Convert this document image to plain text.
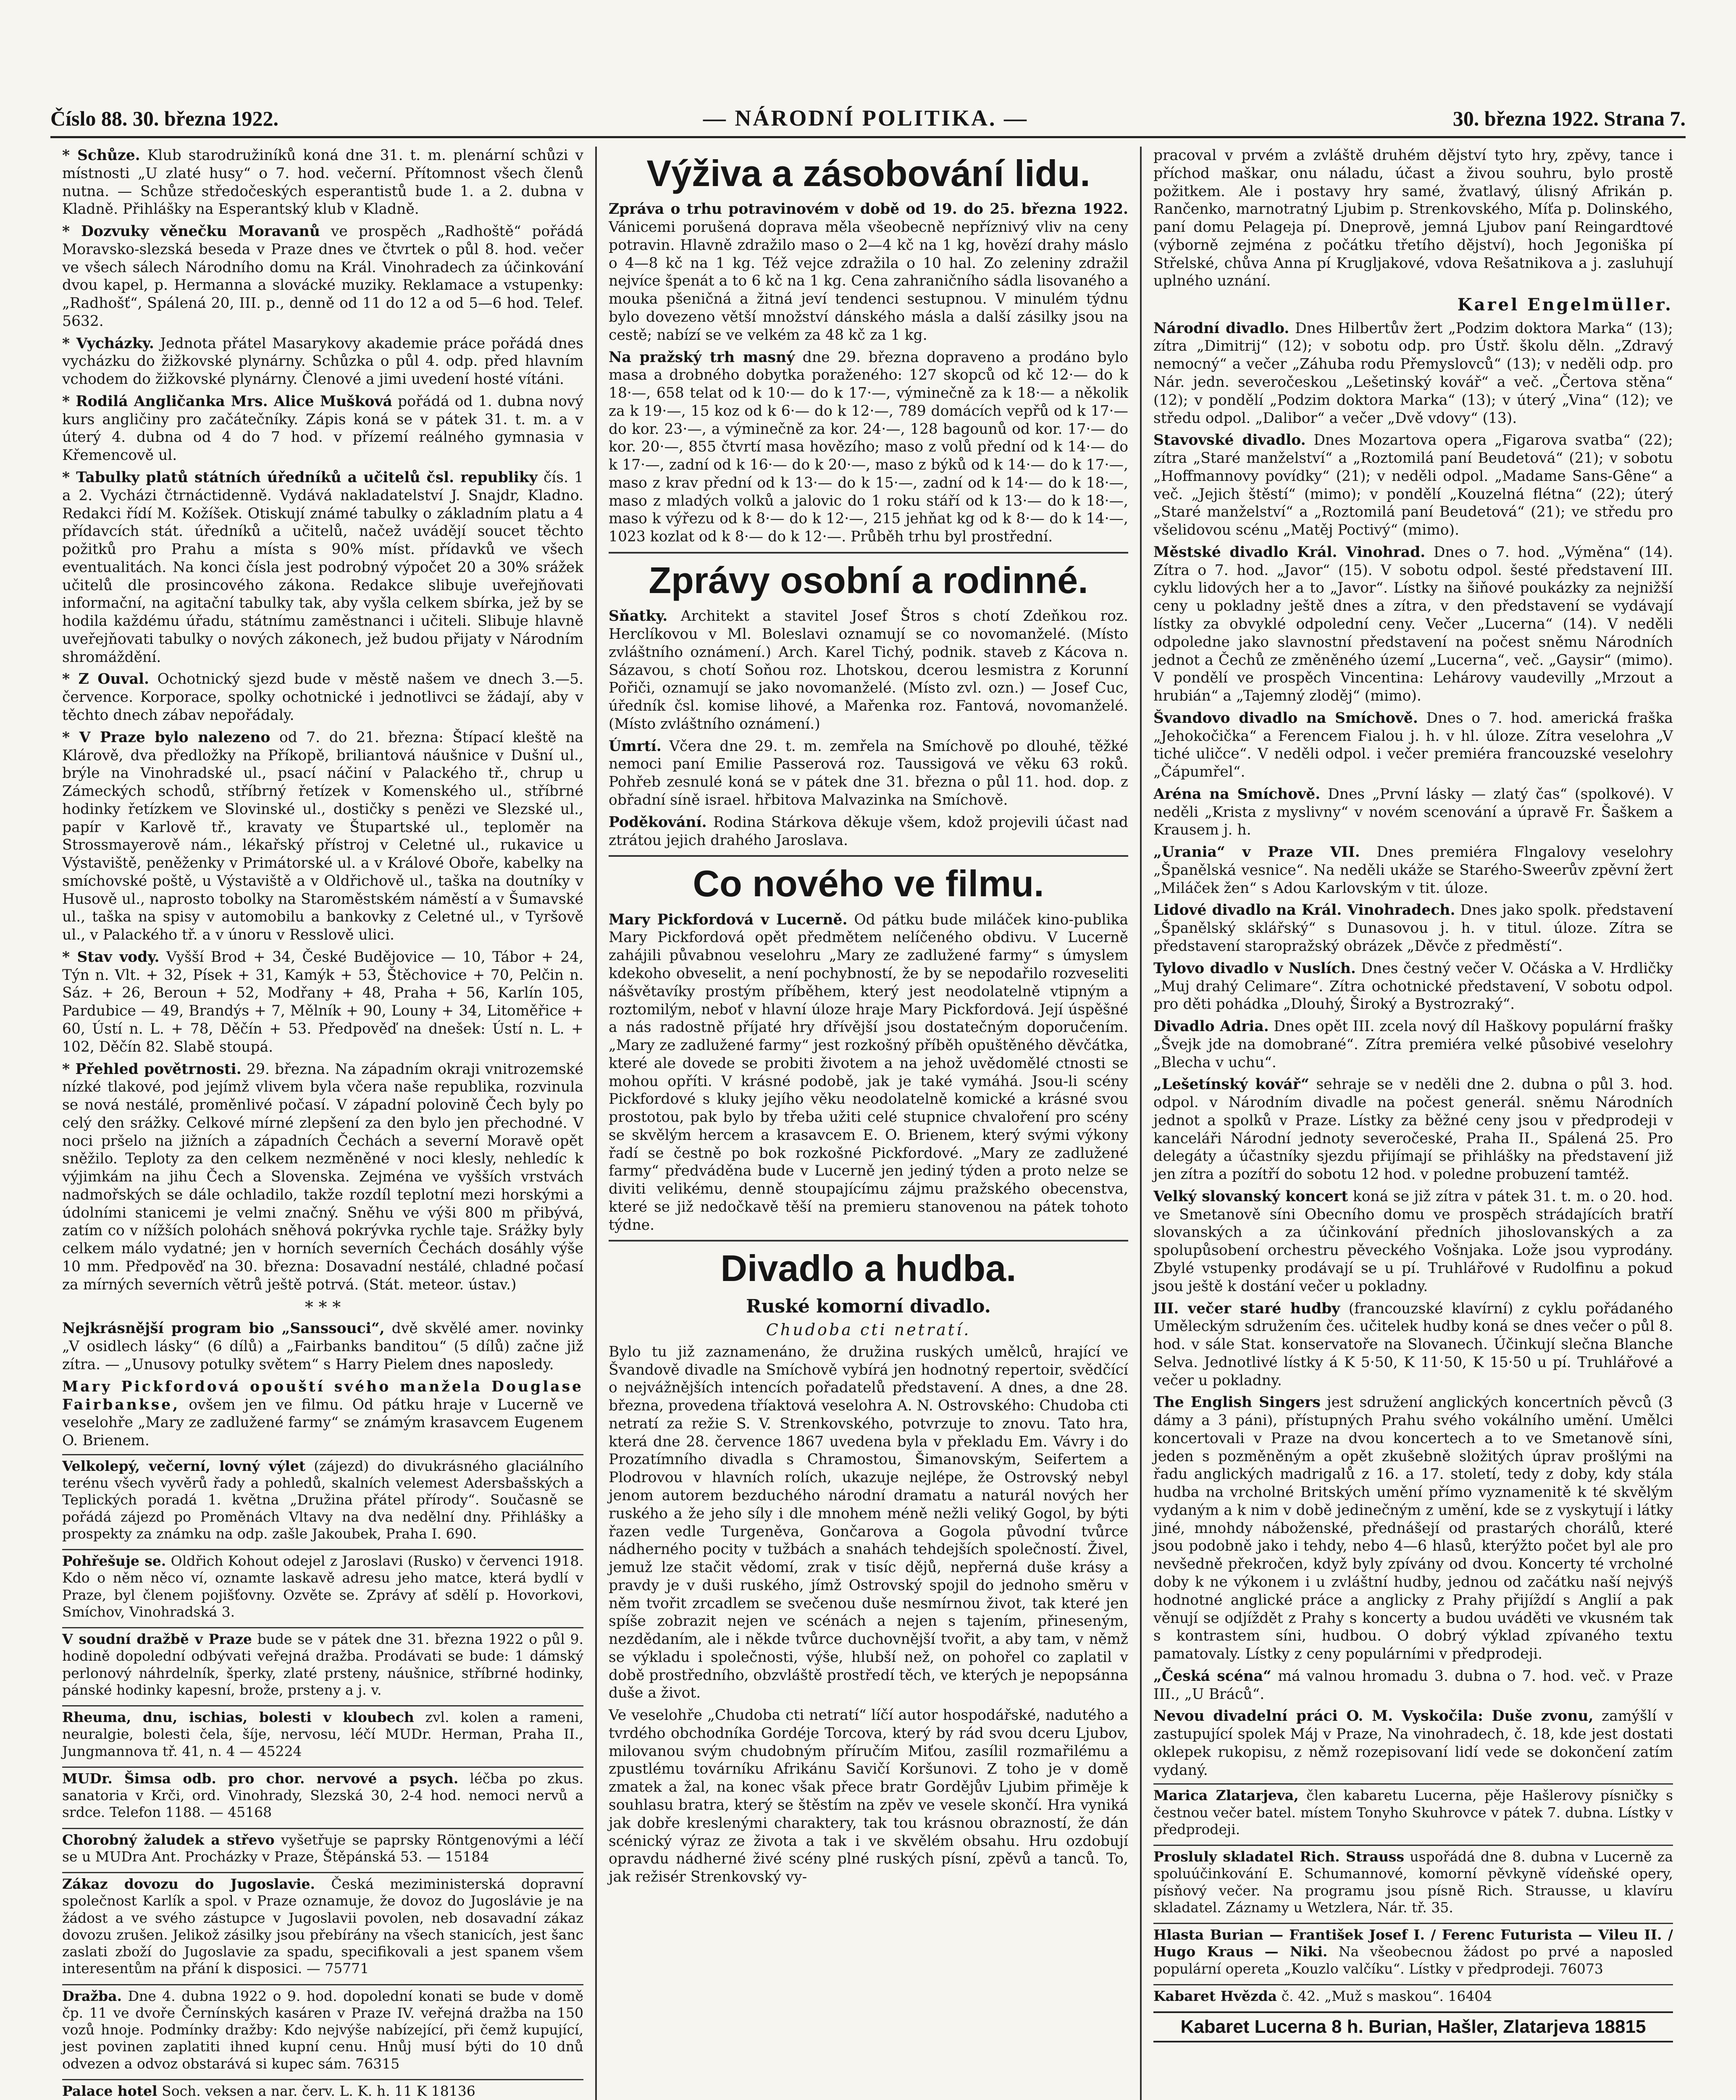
Číslo 88. 30. března 1922.	— NÁRODNÍ POLITIKA. —	30. března 1922. Strana 7.

* Schůze. Klub starodružiníků koná dne 31. t. m. plenární schůzi v místnosti „U zlaté husy“ o 7. hod. večerní. Přítomnost všech členů nutna. — Schůze středočeských esperantistů bude 1. a 2. dubna v Kladně. Přihlášky na Esperantský klub v Kladně.

* Dozvuky věnečku Moravanů ve prospěch „Radhoště“ pořádá Moravsko-slezská beseda v Praze dnes ve čtvrtek o půl 8. hod. večer ve všech sálech Národního domu na Král. Vinohradech za účinkování dvou kapel, p. Hermanna a slovácké muziky. Reklamace a vstupenky: „Radhošť“, Spálená 20, III. p., denně od 11 do 12 a od 5—6 hod. Telef. 5632.

* Vycházky. Jednota přátel Masarykovy akademie práce pořádá dnes vycházku do žižkovské plynárny. Schůzka o půl 4. odp. před hlavním vchodem do žižkovské plynárny. Členové a jimi uvedení hosté vítáni.

* Rodilá Angličanka Mrs. Alice Mušková pořádá od 1. dubna nový kurs angličiny pro začátečníky. Zápis koná se v pátek 31. t. m. a v úterý 4. dubna od 4 do 7 hod. v přízemí reálného gymnasia v Křemencově ul.

* Tabulky platů státních úředníků a učitelů čsl. republiky čís. 1 a 2. Vycházi čtrnáctidenně. Vydává nakladatelství J. Snajdr, Kladno. Redakci řídí M. Kožíšek. Otiskují známé tabulky o základním platu a 4 přídavcích stát. úředníků a učitelů, načež uvádějí soucet těchto požitků pro Prahu a místa s 90% míst. přídavků ve všech eventualitách. Na konci čísla jest podrobný výpočet 20 a 30% srážek učitelů dle prosincového zákona. Redakce slibuje uveřejňovati informační, na agitační tabulky tak, aby vyšla celkem sbírka, jež by se hodila každému úřadu, státnímu zaměstnanci i učiteli. Slibuje hlavně uveřejňovati tabulky o nových zákonech, jež budou přijaty v Národním shromáždění.

* Z Ouval. Ochotnický sjezd bude v městě našem ve dnech 3.—5. července. Korporace, spolky ochotnické i jednotlivci se žádají, aby v těchto dnech zábav nepořádaly.

* V Praze bylo nalezeno od 7. do 21. března: Štípací kleště na Klárově, dva předložky na Příkopě, briliantová náušnice v Dušní ul., brýle na Vinohradské ul., psací náčiní v Palackého tř., chrup u Zámeckých schodů, stříbrný řetízek v Komenského ul., stříbrné hodinky řetízkem ve Slovinské ul., dostičky s penězi ve Slezské ul., papír v Karlově tř., kravaty ve Štupartské ul., teploměr na Strossmayerově nám., lékařský přístroj v Celetné ul., rukavice u Výstaviště, peněženky v Primátorské ul. a v Králové Oboře, kabelky na smíchovské poště, u Výstaviště a v Oldřichově ul., taška na doutníky v Husově ul., naprosto tobolky na Staroměstském náměstí a v Šumavské ul., taška na spisy v automobilu a bankovky z Celetné ul., v Tyršově ul., v Palackého tř. a v únoru v Resslově ulici.

* Stav vody. Vyšší Brod + 34, České Budějovice — 10, Tábor + 24, Týn n. Vlt. + 32, Písek + 31, Kamýk + 53, Štěchovice + 70, Pelčin n. Sáz. + 26, Beroun + 52, Modřany + 48, Praha + 56, Karlín 105, Pardubice — 49, Brandýs + 7, Mělník + 90, Louny + 34, Litoměřice + 60, Ústí n. L. + 78, Děčín + 53. Předpověď na dnešek: Ústí n. L. + 102, Děčín 82. Slabě stoupá.

* Přehled povětrnosti. 29. března. Na západním okraji vnitrozemské nízké tlakové, pod jejímž vlivem byla včera naše republika, rozvinula se nová nestálé, proměnlivé počasí. V západní polovině Čech byly po celý den srážky. Celkové mírné zlepšení za den bylo jen přechodné. V noci pršelo na jižních a západních Čechách a severní Moravě opět sněžilo. Teploty za den celkem nezměněné v noci klesly, nehledíc k výjimkám na jihu Čech a Slovenska. Zejména ve vyšších vrstvách nadmořských se dále ochladilo, takže rozdíl teplotní mezi horskými a údolními stanicemi je velmi značný. Sněhu ve výši 800 m přibývá, zatím co v nížších polohách sněhová pokrývka rychle taje. Srážky byly celkem málo vydatné; jen v horních severních Čechách dosáhly výše 10 mm. Předpověď na 30. března: Dosavadní nestálé, chladné počasí za mírných severních větrů ještě potrvá. (Stát. meteor. ústav.)

* * *

Nejkrásnější program bio „Sanssouci“, dvě skvělé amer. novinky „V osidlech lásky“ (6 dílů) a „Fairbanks banditou“ (5 dílů) začne již zítra. — „Unusovy potulky světem“ s Harry Pielem dnes naposledy.

Mary Pickfordová opouští svého manžela Douglase Fairbankse, ovšem jen ve filmu. Od pátku hraje v Lucerně ve veselohře „Mary ze zadlužené farmy“ se známým krasavcem Eugenem O. Brienem.

Velkolepý, večerní, lovný výlet (zájezd) do divukrásného glaciálního terénu všech vyvěrů řady a pohledů, skalních velemest Adersbašských a Teplických poradá 1. května „Družina přátel přírody“. Současně se pořádá zájezd po Proměnách Vltavy na dva nedělní dny. Přihlášky a prospekty za známku na odp. zašle Jakoubek, Praha I. 690.

Pohřešuje se. Oldřich Kohout odejel z Jaroslavi (Rusko) v červenci 1918. Kdo o něm něco ví, oznamte laskavě adresu jeho matce, která bydlí v Praze, byl členem pojišťovny. Ozvěte se. Zprávy ať sdělí p. Hovorkovi, Smíchov, Vinohradská 3.

V soudní dražbě v Praze bude se v pátek dne 31. března 1922 o půl 9. hodině dopolední odbývati veřejná dražba. Prodávati se bude: 1 dámský perlonový náhrdelník, šperky, zlaté prsteny, náušnice, stříbrné hodinky, pánské hodinky kapesní, brože, prsteny a j. v.

Rheuma, dnu, ischias, bolesti v kloubech zvl. kolen a rameni, neuralgie, bolesti čela, šíje, nervosu, léčí MUDr. Herman, Praha II., Jungmannova tř. 41, n. 4 — 45224

MUDr. Šimsa odb. pro chor. nervové a psych. léčba po zkus. sanatoria v Krči, ord. Vinohrady, Slezská 30, 2-4 hod. nemoci nervů a srdce. Telefon 1188. — 45168

Chorobný žaludek a střevo vyšetřuje se paprsky Röntgenovými a léčí se u MUDra Ant. Procházky v Praze, Štěpánská 53. — 15184

Zákaz dovozu do Jugoslavie. Česká meziministerská dopravní společnost Karlík a spol. v Praze oznamuje, že dovoz do Jugoslávie je na žádost a ve svého zástupce v Jugoslavii povolen, neb dosavadní zákaz dovozu zrušen. Jelikož zásilky jsou přebírány na všech stanicích, jest šanc zaslati zboží do Jugoslavie za spadu, specifikovali a jest spanem všem interesentům na přání k disposici. — 75771

Dražba. Dne 4. dubna 1922 o 9. hod. dopolední konati se bude v domě čp. 11 ve dvoře Černínských kasáren v Praze IV. veřejná dražba na 150 vozů hnoje. Podmínky dražby: Kdo nejvýše nabízející, při čemž kupující, jest povinen zaplatiti ihned kupní cenu. Hnůj musí býti do 10 dnů odvezen a odvoz obstarává si kupec sám. 76315

Palace hotel Soch. veksen a nar. červ. L. K. h. 11 K 18136

Výživa a zásobování lidu.

Zpráva o trhu potravinovém v době od 19. do 25. března 1922. Vánicemi porušená doprava měla všeobecně nepříznivý vliv na ceny potravin. Hlavně zdražilo maso o 2—4 kč na 1 kg, hovězí drahy máslo o 4—8 kč na 1 kg. Též vejce zdražila o 10 hal. Zo zeleniny zdražil nejvíce špenát a to 6 kč na 1 kg. Cena zahraničního sádla lisovaného a mouka pšeničná a žitná jeví tendenci sestupnou. V minulém týdnu bylo dovezeno větší množství dánského másla a další zásilky jsou na cestě; nabízí se ve velkém za 48 kč za 1 kg.

Na pražský trh masný dne 29. března dopraveno a prodáno bylo masa a drobného dobytka poraženého: 127 skopců od kč 12·— do k 18·—, 658 telat od k 10·— do k 17·—, výminečně za k 18·— a několik za k 19·—, 15 koz od k 6·— do k 12·—, 789 domácích vepřů od k 17·— do kor. 23·—, a výminečně za kor. 24·—, 128 bagounů od kor. 17·— do kor. 20·—, 855 čtvrtí masa hovězího; maso z volů přední od k 14·— do k 17·—, zadní od k 16·— do k 20·—, maso z býků od k 14·— do k 17·—, maso z krav přední od k 13·— do k 15·—, zadní od k 14·— do k 18·—, maso z mladých volků a jalovic do 1 roku stáří od k 13·— do k 18·—, maso k výřezu od k 8·— do k 12·—, 215 jehňat kg od k 8·— do k 14·—, 1023 kozlat od k 8·— do k 12·—. Průběh trhu byl prostřední.

Zprávy osobní a rodinné.

Sňatky. Architekt a stavitel Josef Štros s chotí Zdeňkou roz. Herclíkovou v Ml. Boleslavi oznamují se co novomanželé. (Místo zvláštního oznámení.) Arch. Karel Tichý, podnik. staveb z Kácova n. Sázavou, s chotí Soňou roz. Lhotskou, dcerou lesmistra z Korunní Pořiči, oznamují se jako novomanželé. (Místo zvl. ozn.) — Josef Cuc, úředník čsl. komise lihové, a Mařenka roz. Fantová, novomanželé. (Místo zvláštního oznámení.)

Úmrtí. Včera dne 29. t. m. zemřela na Smíchově po dlouhé, těžké nemoci paní Emilie Passerová roz. Taussigová ve věku 63 roků. Pohřeb zesnulé koná se v pátek dne 31. března o půl 11. hod. dop. z obřadní síně israel. hřbitova Malvazinka na Smíchově.

Poděkování. Rodina Stárkova děkuje všem, kdož projevili účast nad ztrátou jejich drahého Jaroslava.

Co nového ve filmu.

Mary Pickfordová v Lucerně. Od pátku bude miláček kino-publika Mary Pickfordová opět předmětem nelíčeného obdivu. V Lucerně zahájili půvabnou veselohru „Mary ze zadlužené farmy“ s úmyslem kdekoho obveselit, a není pochybností, že by se nepodařilo rozveseliti nášvětavíky prostým příběhem, který jest neodolatelně vtipným a roztomilým, neboť v hlavní úloze hraje Mary Pickfordová. Její úspěšné a nás radostně příjaté hry dřívější jsou dostatečným doporučením. „Mary ze zadlužené farmy“ jest rozkošný příběh opuštěného děvčátka, které ale dovede se probiti životem a na jehož uvědomělé ctnosti se mohou opříti. V krásné podobě, jak je také vymáhá. Jsou-li scény Pickfordové s kluky jejího věku neodolatelně komické a krásné svou prostotou, pak bylo by třeba užiti celé stupnice chvaloření pro scény se skvělým hercem a krasavcem E. O. Brienem, který svými výkony řadí se čestně po bok rozkošné Pickfordové. „Mary ze zadlužené farmy“ předváděna bude v Lucerně jen jediný týden a proto nelze se diviti velikému, denně stoupajícímu zájmu pražského obecenstva, které se již nedočkavě těší na premieru stanovenou na pátek tohoto týdne.

Divadlo a hudba.
Ruské komorní divadlo.
Chudoba cti netratí.

Bylo tu již zaznamenáno, že družina ruských umělců, hrající ve Švandově divadle na Smíchově vybírá jen hodnotný repertoir, svědčící o nejvážnějších intencích pořadatelů představení. A dnes, a dne 28. března, provedena tříaktová veselohra A. N. Ostrovského: Chudoba cti netratí za režie S. V. Strenkovského, potvrzuje to znovu. Tato hra, která dne 28. července 1867 uvedena byla v překladu Em. Vávry i do Prozatímního divadla s Chramostou, Šimanovským, Seifertem a Plodrovou v hlavních rolích, ukazuje nejlépe, že Ostrovský nebyl jenom autorem bezduchého národní dramatu a naturál nových her ruského a že jeho síly i dle mnohem méně nežli veliký Gogol, by býti řazen vedle Turgeněva, Gončarova a Gogola původní tvůrce nádherného pocity v tužbách a snahách tehdejších společností. Živel, jemuž lze stačit vědomí, zrak v tisíc dějů, nepřerná duše krásy a pravdy je v duši ruského, jímž Ostrovský spojil do jednoho směru v něm tvořit zrcadlem se svečenou duše nesmírnou život, tak které jen spíše zobrazit nejen ve scénách a nejen s tajením, přineseným, nezdědaním, ale i někde tvůrce duchovnější tvořit, a aby tam, v němž se výkladu i společnosti, výše, hlubší než, on pohořel co zaplatil v době prostředního, obzvláště prostředí těch, ve kterých je nepopsánna duše a život.

Ve veselohře „Chudoba cti netratí“ líčí autor hospodářské, nadutého a tvrdého obchodníka Gordéje Torcova, který by rád svou dceru Ljubov, milovanou svým chudobným příručím Miťou, zasílil rozmařilému a zpustlému továrníku Afrikánu Savičí Koršunovi. Z toho je v domě zmatek a žal, na konec však přece bratr Gordějův Ljubim přiměje k souhlasu bratra, který se štěstím na zpěv ve vesele skončí. Hra vyniká jak dobře kreslenými charaktery, tak tou krásnou obrazností, že dán scénický výraz ze života a tak i ve skvělém obsahu. Hru ozdobují opravdu nádherné živé scény plné ruských písní, zpěvů a tanců. To, jak režisér Strenkovský vy-

pracoval v prvém a zvláště druhém dějství tyto hry, zpěvy, tance i příchod maškar, onu náladu, účast a živou souhru, bylo prostě požitkem. Ale i postavy hry samé, žvatlavý, úlisný Afrikán p. Rančenko, marnotratný Ljubim p. Strenkovského, Míťa p. Dolinského, paní domu Pelageja pí. Dneprově, jemná Ljubov paní Reingardtové (výborně zejména z počátku třetího dějství), hoch Jegoniška pí Střelské, chůva Anna pí Krugljakové, vdova Rešatnikova a j. zasluhují uplného uznání.

Karel Engelmüller.

Národní divadlo. Dnes Hilbertův žert „Podzim doktora Marka“ (13); zítra „Dimitrij“ (12); v sobotu odp. pro Ústř. školu děln. „Zdravý nemocný“ a večer „Záhuba rodu Přemyslovců“ (13); v neděli odp. pro Nár. jedn. severočeskou „Lešetinský kovář“ a več. „Čertova stěna“ (12); v pondělí „Podzim doktora Marka“ (13); v úterý „Vina“ (12); ve středu odpol. „Dalibor“ a večer „Dvě vdovy“ (13).

Stavovské divadlo. Dnes Mozartova opera „Figarova svatba“ (22); zítra „Staré manželství“ a „Roztomilá paní Beudetová“ (21); v sobotu „Hoffmannovy povídky“ (21); v neděli odpol. „Madame Sans-Gêne“ a več. „Jejich štěstí“ (mimo); v pondělí „Kouzelná flétna“ (22); úterý „Staré manželství“ a „Roztomilá paní Beudetová“ (21); ve středu pro všelidovou scénu „Matěj Poctivý“ (mimo).

Městské divadlo Král. Vinohrad. Dnes o 7. hod. „Výměna“ (14). Zítra o 7. hod. „Javor“ (15). V sobotu odpol. šesté představení III. cyklu lidových her a to „Javor“. Lístky na šiňové poukázky za nejnižší ceny u pokladny ještě dnes a zítra, v den představení se vydávají lístky za obvyklé odpolední ceny. Večer „Lucerna“ (14). V neděli odpoledne jako slavnostní představení na počest sněmu Národních jednot a Čechů ze změněného území „Lucerna“, več. „Gaysir“ (mimo). V pondělí ve prospěch Vincentina: Lehárovy vaudevilly „Mrzout a hrubián“ a „Tajemný zloděj“ (mimo).

Švandovo divadlo na Smíchově. Dnes o 7. hod. americká fraška „Jehokočička“ a Ferencem Fialou j. h. v hl. úloze. Zítra veselohra „V tiché uličce“. V neděli odpol. i večer premiéra francouzské veselohry „Čápumřel“.

Aréna na Smíchově. Dnes „První lásky — zlatý čas“ (spolkové). V neděli „Krista z myslivny“ v novém scenování a úpravě Fr. Šaškem a Krausem j. h.

„Urania“ v Praze VII. Dnes premiéra Flngalovy veselohry „Španělská vesnice“. Na neděli ukáže se Starého-Sweerův zpěvní žert „Miláček žen“ s Adou Karlovským v tit. úloze.

Lidové divadlo na Král. Vinohradech. Dnes jako spolk. představení „Španělský sklářský“ s Dunasovou j. h. v titul. úloze. Zítra se představení staropražský obrázek „Děvče z předměstí“.

Tylovo divadlo v Nuslích. Dnes čestný večer V. Očáska a V. Hrdličky „Muj drahý Celimare“. Zítra ochotnické představení, V sobotu odpol. pro děti pohádka „Dlouhý, Široký a Bystrozraký“.

Divadlo Adria. Dnes opět III. zcela nový díl Haškovy populární frašky „Švejk jde na domobrané“. Zítra premiéra velké působivé veselohry „Blecha v uchu“.

„Lešetínský kovář“ sehraje se v neděli dne 2. dubna o půl 3. hod. odpol. v Národním divadle na počest generál. sněmu Národních jednot a spolků v Praze. Lístky za běžné ceny jsou v předprodeji v kanceláři Národní jednoty severočeské, Praha II., Spálená 25. Pro delegáty a účastníky sjezdu přijímají se přihlášky na představení již jen zítra a pozítří do sobotu 12 hod. v poledne probuzení tamtéž.

Velký slovanský koncert koná se již zítra v pátek 31. t. m. o 20. hod. ve Smetanově síni Obecního domu ve prospěch strádajících bratří slovanských a za účinkování předních jihoslovanských a za spolupůsobení orchestru pěveckého Vošnjaka. Lože jsou vyprodány. Zbylé vstupenky prodávají se u pí. Truhlářové v Rudolfinu a pokud jsou ještě k dostání večer u pokladny.

III. večer staré hudby (francouzské klavírní) z cyklu pořádaného Uměleckým sdružením čes. učitelek hudby koná se dnes večer o půl 8. hod. v sále Stat. konservatoře na Slovanech. Účinkují slečna Blanche Selva. Jednotlivé lístky á K 5·50, K 11·50, K 15·50 u pí. Truhlářové a večer u pokladny.

The English Singers jest sdružení anglických koncertních pěvců (3 dámy a 3 páni), přístupných Prahu svého vokálního umění. Umělci koncertovali v Praze na dvou koncertech a to ve Smetanově síni, jeden s pozměněným a opět zkušebně složitých úprav prošlými na řadu anglických madrigalů z 16. a 17. století, tedy z doby, kdy stála hudba na vrcholné Britských umění přímo vyznamenitě k té skvělým vydaným a k nim v době jedinečným z umění, kde se z vyskytují i látky jiné, mnohdy náboženské, přednášejí od prastarých chorálů, které jsou podobně jako i tehdy, nebo 4—6 hlasů, kterýžto počet byl ale pro nevšedně překročen, když byly zpívány od dvou. Koncerty té vrcholné doby k ne výkonem i u zvláštní hudby, jednou od začátku naší nejvýš hodnotné anglické práce a anglicky z Prahy přijíždí s Anglií a pak věnují se odjíždět z Prahy s koncerty a budou uváděti ve vkusném tak s kontrastem síni, hudbou. O dobrý výklad zpívaného textu pamatovaly. Lístky z ceny populárními v předprodeji.

„Česká scéna“ má valnou hromadu 3. dubna o 7. hod. več. v Praze III., „U Bráců“.

Nevou divadelní práci O. M. Vyskočila: Duše zvonu, zamýšlí v zastupující spolek Máj v Praze, Na vinohradech, č. 18, kde jest dostati oklepek rukopisu, z němž rozepisovaní lidí vede se dokončení zatím vydaný.

Marica Zlatarjeva, člen kabaretu Lucerna, pěje Hašlerovy písničky s čestnou večer batel. místem Tonyho Skuhrovce v pátek 7. dubna. Lístky v předprodeji.

Prosluly skladatel Rich. Strauss uspořádá dne 8. dubna v Lucerně za spoluúčinkování E. Schumannové, komorní pěvkyně vídeňské opery, písňový večer. Na programu jsou písně Rich. Strausse, u klavíru skladatel. Záznamy u Wetzlera, Nár. tř. 35.

Hlasta Burian — František Josef I. / Ferenc Futurista — Vileu II. / Hugo Kraus — Niki. Na všeobecnou žádost po prvé a naposled populární opereta „Kouzlo valčíku“. Lístky v předprodeji. 76073

Kabaret Hvězda č. 42. „Muž s maskou“. 16404

Kabaret Lucerna 8 h. Burian, Hašler, Zlatarjeva 18815
